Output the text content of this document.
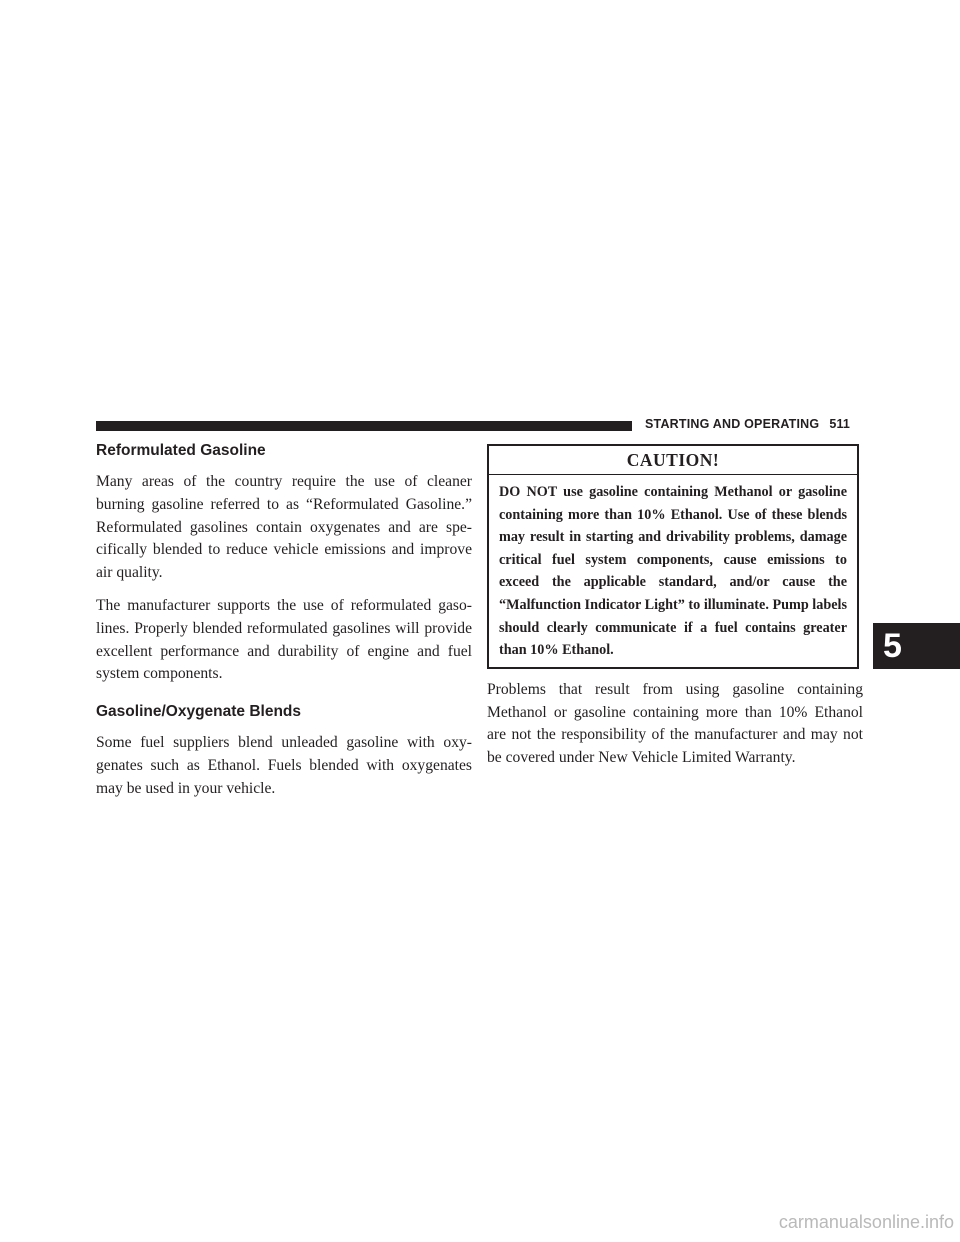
STARTING AND OPERATING 511
Reformulated Gasoline

Many areas of the country require the use of cleaner burning gasoline referred to as “Reformulated Gasoline.” Reformulated gasolines contain oxygenates and are specifically blended to reduce vehicle emissions and improve air quality.

The manufacturer supports the use of reformulated gasolines. Properly blended reformulated gasolines will provide excellent performance and durability of engine and fuel system components.

Gasoline/Oxygenate Blends

Some fuel suppliers blend unleaded gasoline with oxygenates such as Ethanol. Fuels blended with oxygenates may be used in your vehicle.

CAUTION!
DO NOT use gasoline containing Methanol or gasoline containing more than 10% Ethanol. Use of these blends may result in starting and drivability problems, damage critical fuel system components, cause emissions to exceed the applicable standard, and/or cause the “Malfunction Indicator Light” to illuminate. Pump labels should clearly communicate if a fuel contains greater than 10% Ethanol.

Problems that result from using gasoline containing Methanol or gasoline containing more than 10% Ethanol are not the responsibility of the manufacturer and may not be covered under New Vehicle Limited Warranty.

5
carmanualsonline.info
